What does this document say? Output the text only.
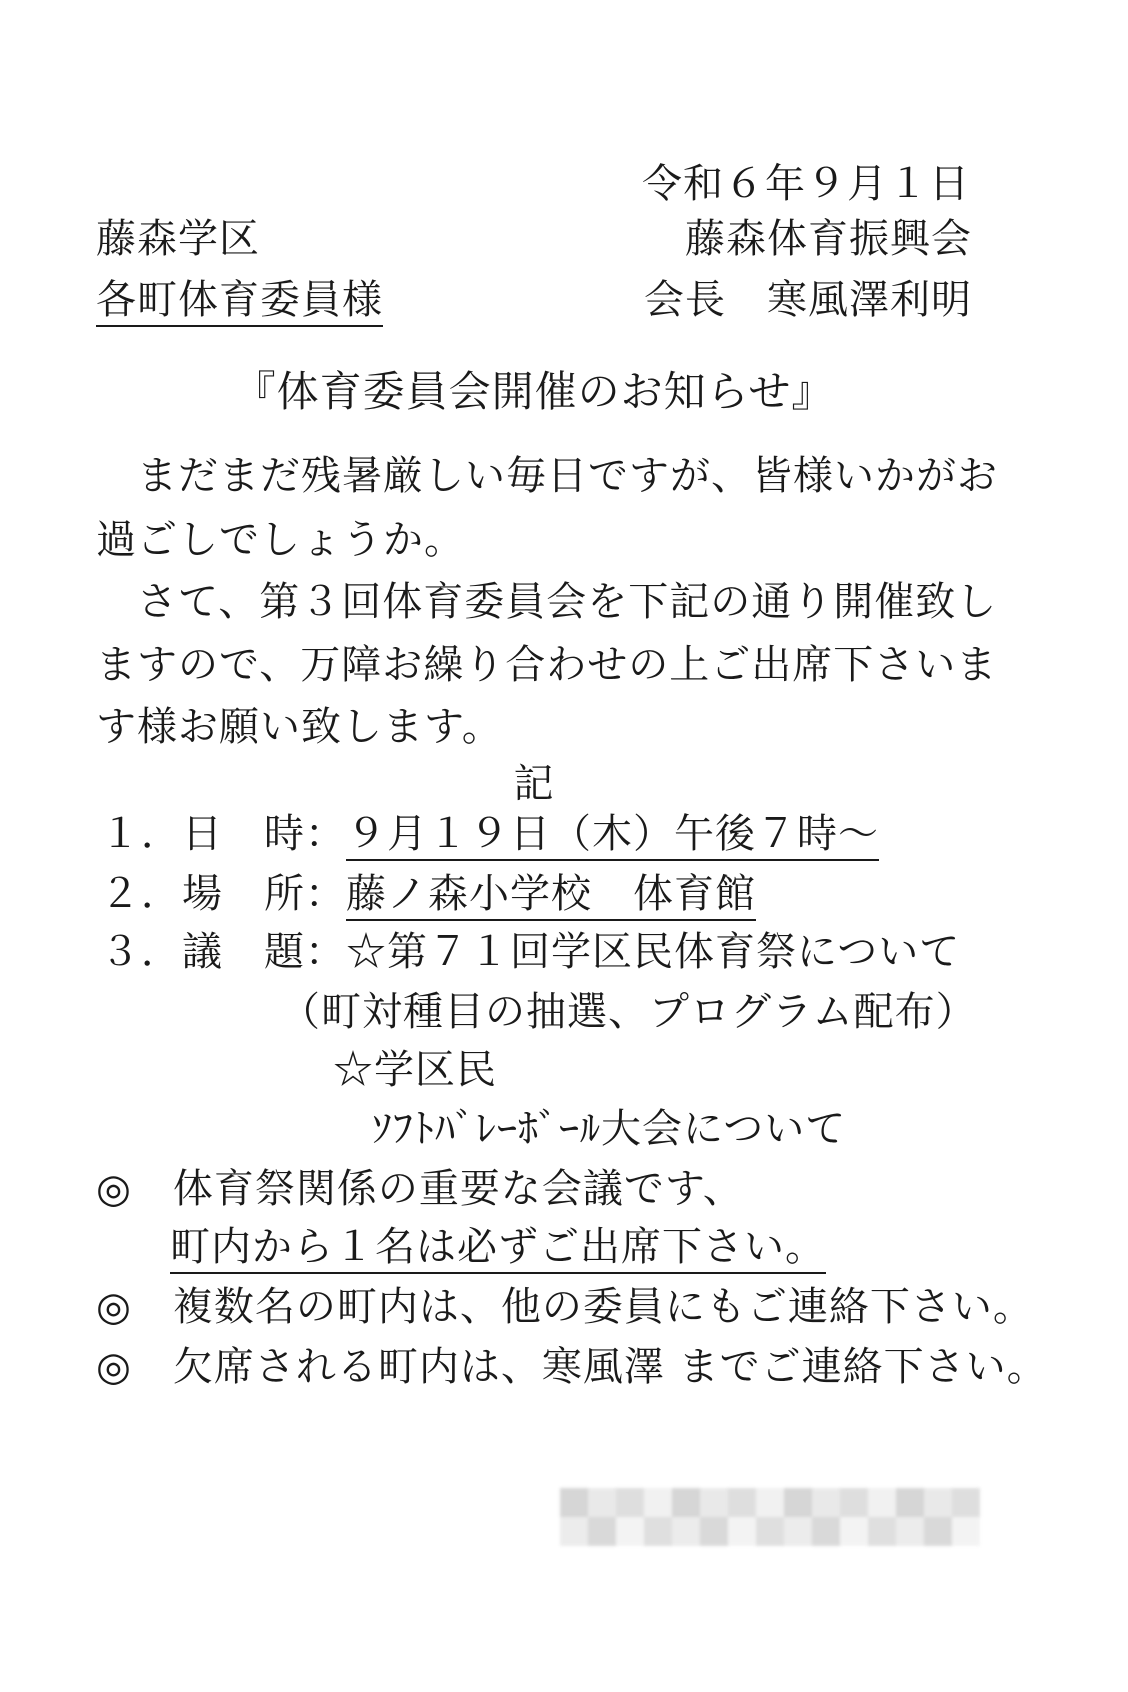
令和６年９月１日
藤森学区	藤森体育振興会
各町体育委員様	会長　寒風澤利明
『体育委員会開催のお知らせ』
　まだまだ残暑厳しい毎日ですが、皆様いかがお
過ごしでしょうか。
　さて、第３回体育委員会を下記の通り開催致し
ますので、万障お繰り合わせの上ご出席下さいま
す様お願い致します。
記
１．日　時：９月１９日（木）午後７時～
２．場　所：藤ノ森小学校　体育館
３．議　題：☆第７１回学区民体育祭について
（町対種目の抽選、プログラム配布）
☆学区民
ｿﾌﾄﾊﾞﾚｰﾎﾞｰﾙ大会について
◎　体育祭関係の重要な会議です、
町内から１名は必ずご出席下さい。
◎　複数名の町内は、他の委員にもご連絡下さい。
◎　欠席される町内は、寒風澤 までご連絡下さい。
